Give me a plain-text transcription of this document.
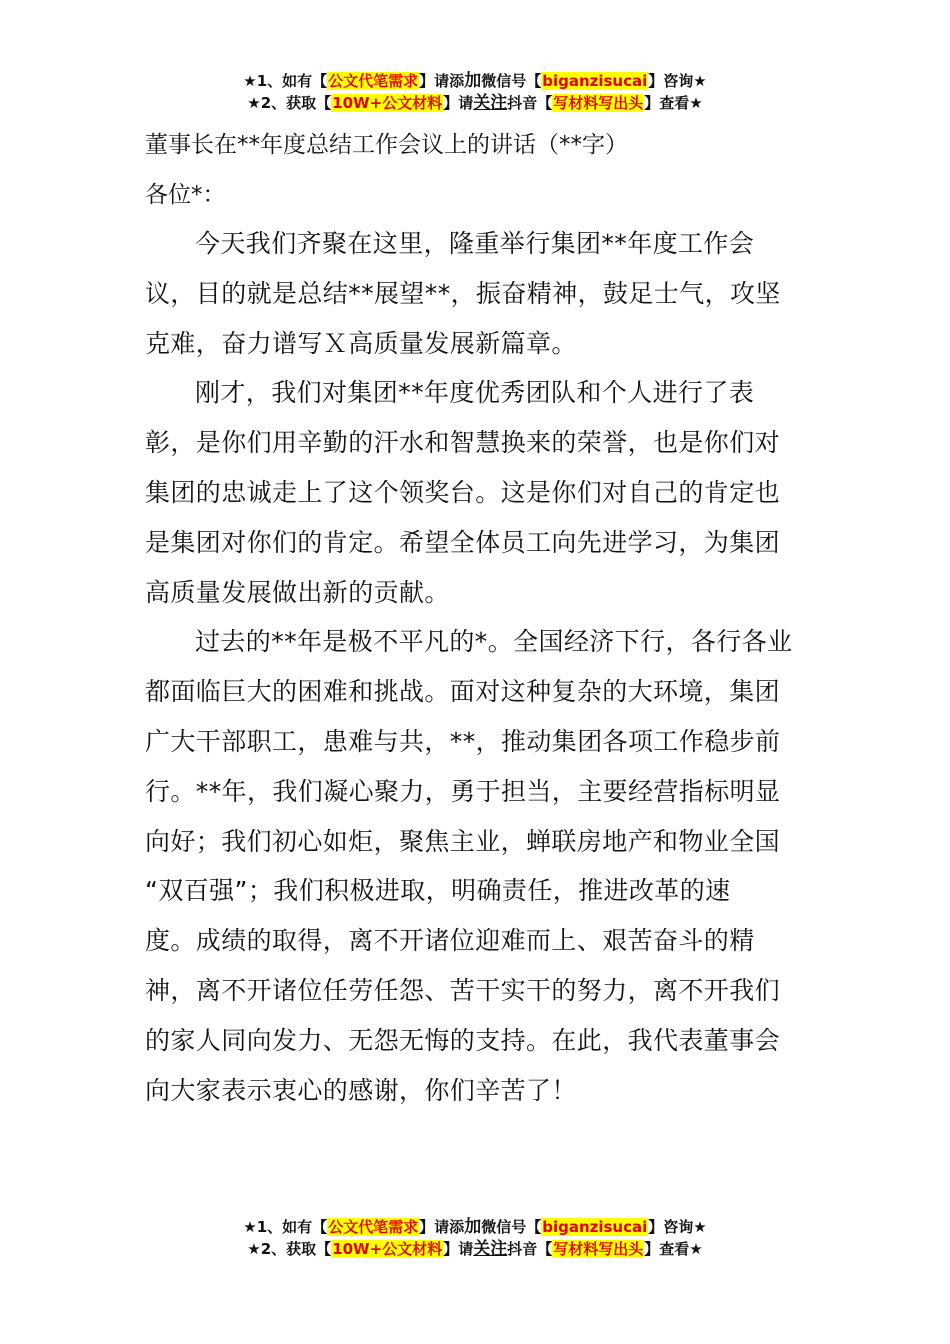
★1、如有【公文代笔需求】请添加微信号【biganzisucai】咨询★
★2、获取【10W+公文材料】请关注抖音【写材料写出头】查看★
董事长在**年度总结工作会议上的讲话（**字）

各位*：

今天我们齐聚在这里，隆重举行集团**年度工作会
议，目的就是总结**展望**，振奋精神，鼓足士气，攻坚
克难，奋力谱写Ｘ高质量发展新篇章。
刚才，我们对集团**年度优秀团队和个人进行了表
彰，是你们用辛勤的汗水和智慧换来的荣誉，也是你们对
集团的忠诚走上了这个领奖台。这是你们对自己的肯定也
是集团对你们的肯定。希望全体员工向先进学习，为集团
高质量发展做出新的贡献。
过去的**年是极不平凡的*。全国经济下行，各行各业
都面临巨大的困难和挑战。面对这种复杂的大环境，集团
广大干部职工，患难与共，**，推动集团各项工作稳步前
行。**年，我们凝心聚力，勇于担当，主要经营指标明显
向好；我们初心如炬，聚焦主业，蝉联房地产和物业全国
“双百强”；我们积极进取，明确责任，推进改革的速
度。成绩的取得，离不开诸位迎难而上、艰苦奋斗的精
神，离不开诸位任劳任怨、苦干实干的努力，离不开我们
的家人同向发力、无怨无悔的支持。在此，我代表董事会
向大家表示衷心的感谢，你们辛苦了！
★1、如有【公文代笔需求】请添加微信号【biganzisucai】咨询★
★2、获取【10W+公文材料】请关注抖音【写材料写出头】查看★
